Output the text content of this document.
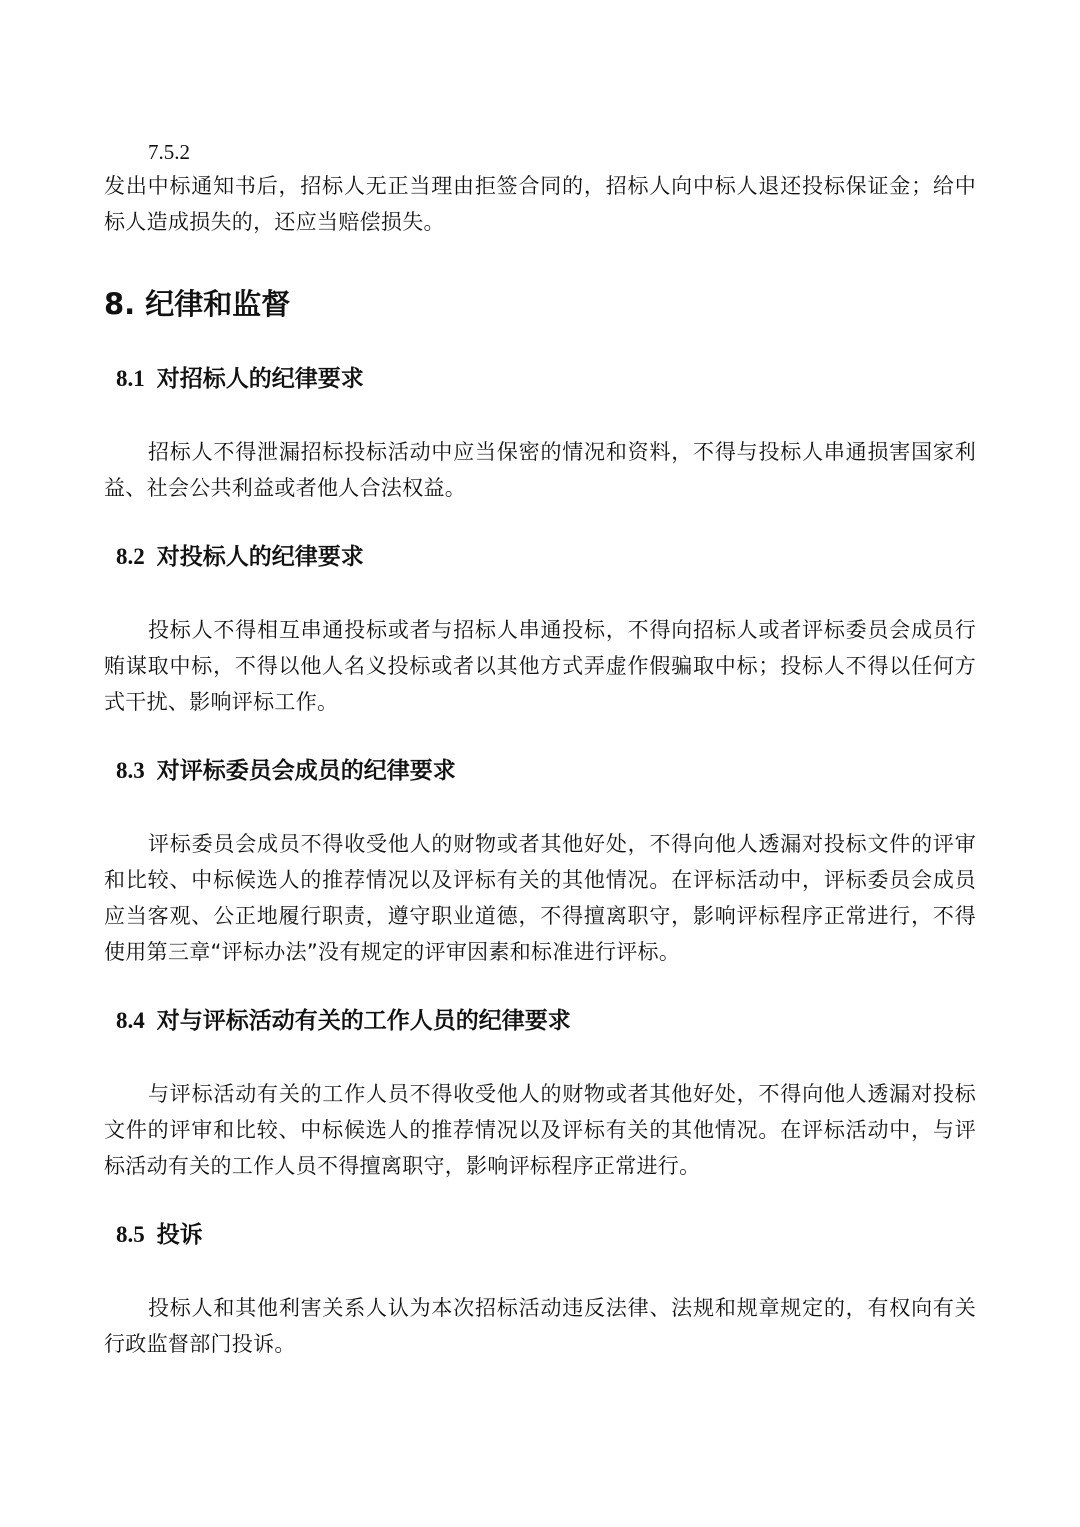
7.5.2

发出中标通知书后，招标人无正当理由拒签合同的，招标人向中标人退还投标保证金；给中标人造成损失的，还应当赔偿损失。

8. 纪律和监督
8.1 对招标人的纪律要求

招标人不得泄漏招标投标活动中应当保密的情况和资料，不得与投标人串通损害国家利益、社会公共利益或者他人合法权益。

8.2 对投标人的纪律要求

投标人不得相互串通投标或者与招标人串通投标，不得向招标人或者评标委员会成员行贿谋取中标，不得以他人名义投标或者以其他方式弄虚作假骗取中标；投标人不得以任何方式干扰、影响评标工作。

8.3 对评标委员会成员的纪律要求

评标委员会成员不得收受他人的财物或者其他好处，不得向他人透漏对投标文件的评审和比较、中标候选人的推荐情况以及评标有关的其他情况。在评标活动中，评标委员会成员应当客观、公正地履行职责，遵守职业道德，不得擅离职守，影响评标程序正常进行，不得使用第三章“评标办法”没有规定的评审因素和标准进行评标。

8.4 对与评标活动有关的工作人员的纪律要求

与评标活动有关的工作人员不得收受他人的财物或者其他好处，不得向他人透漏对投标文件的评审和比较、中标候选人的推荐情况以及评标有关的其他情况。在评标活动中，与评标活动有关的工作人员不得擅离职守，影响评标程序正常进行。

8.5 投诉

投标人和其他利害关系人认为本次招标活动违反法律、法规和规章规定的，有权向有关行政监督部门投诉。
